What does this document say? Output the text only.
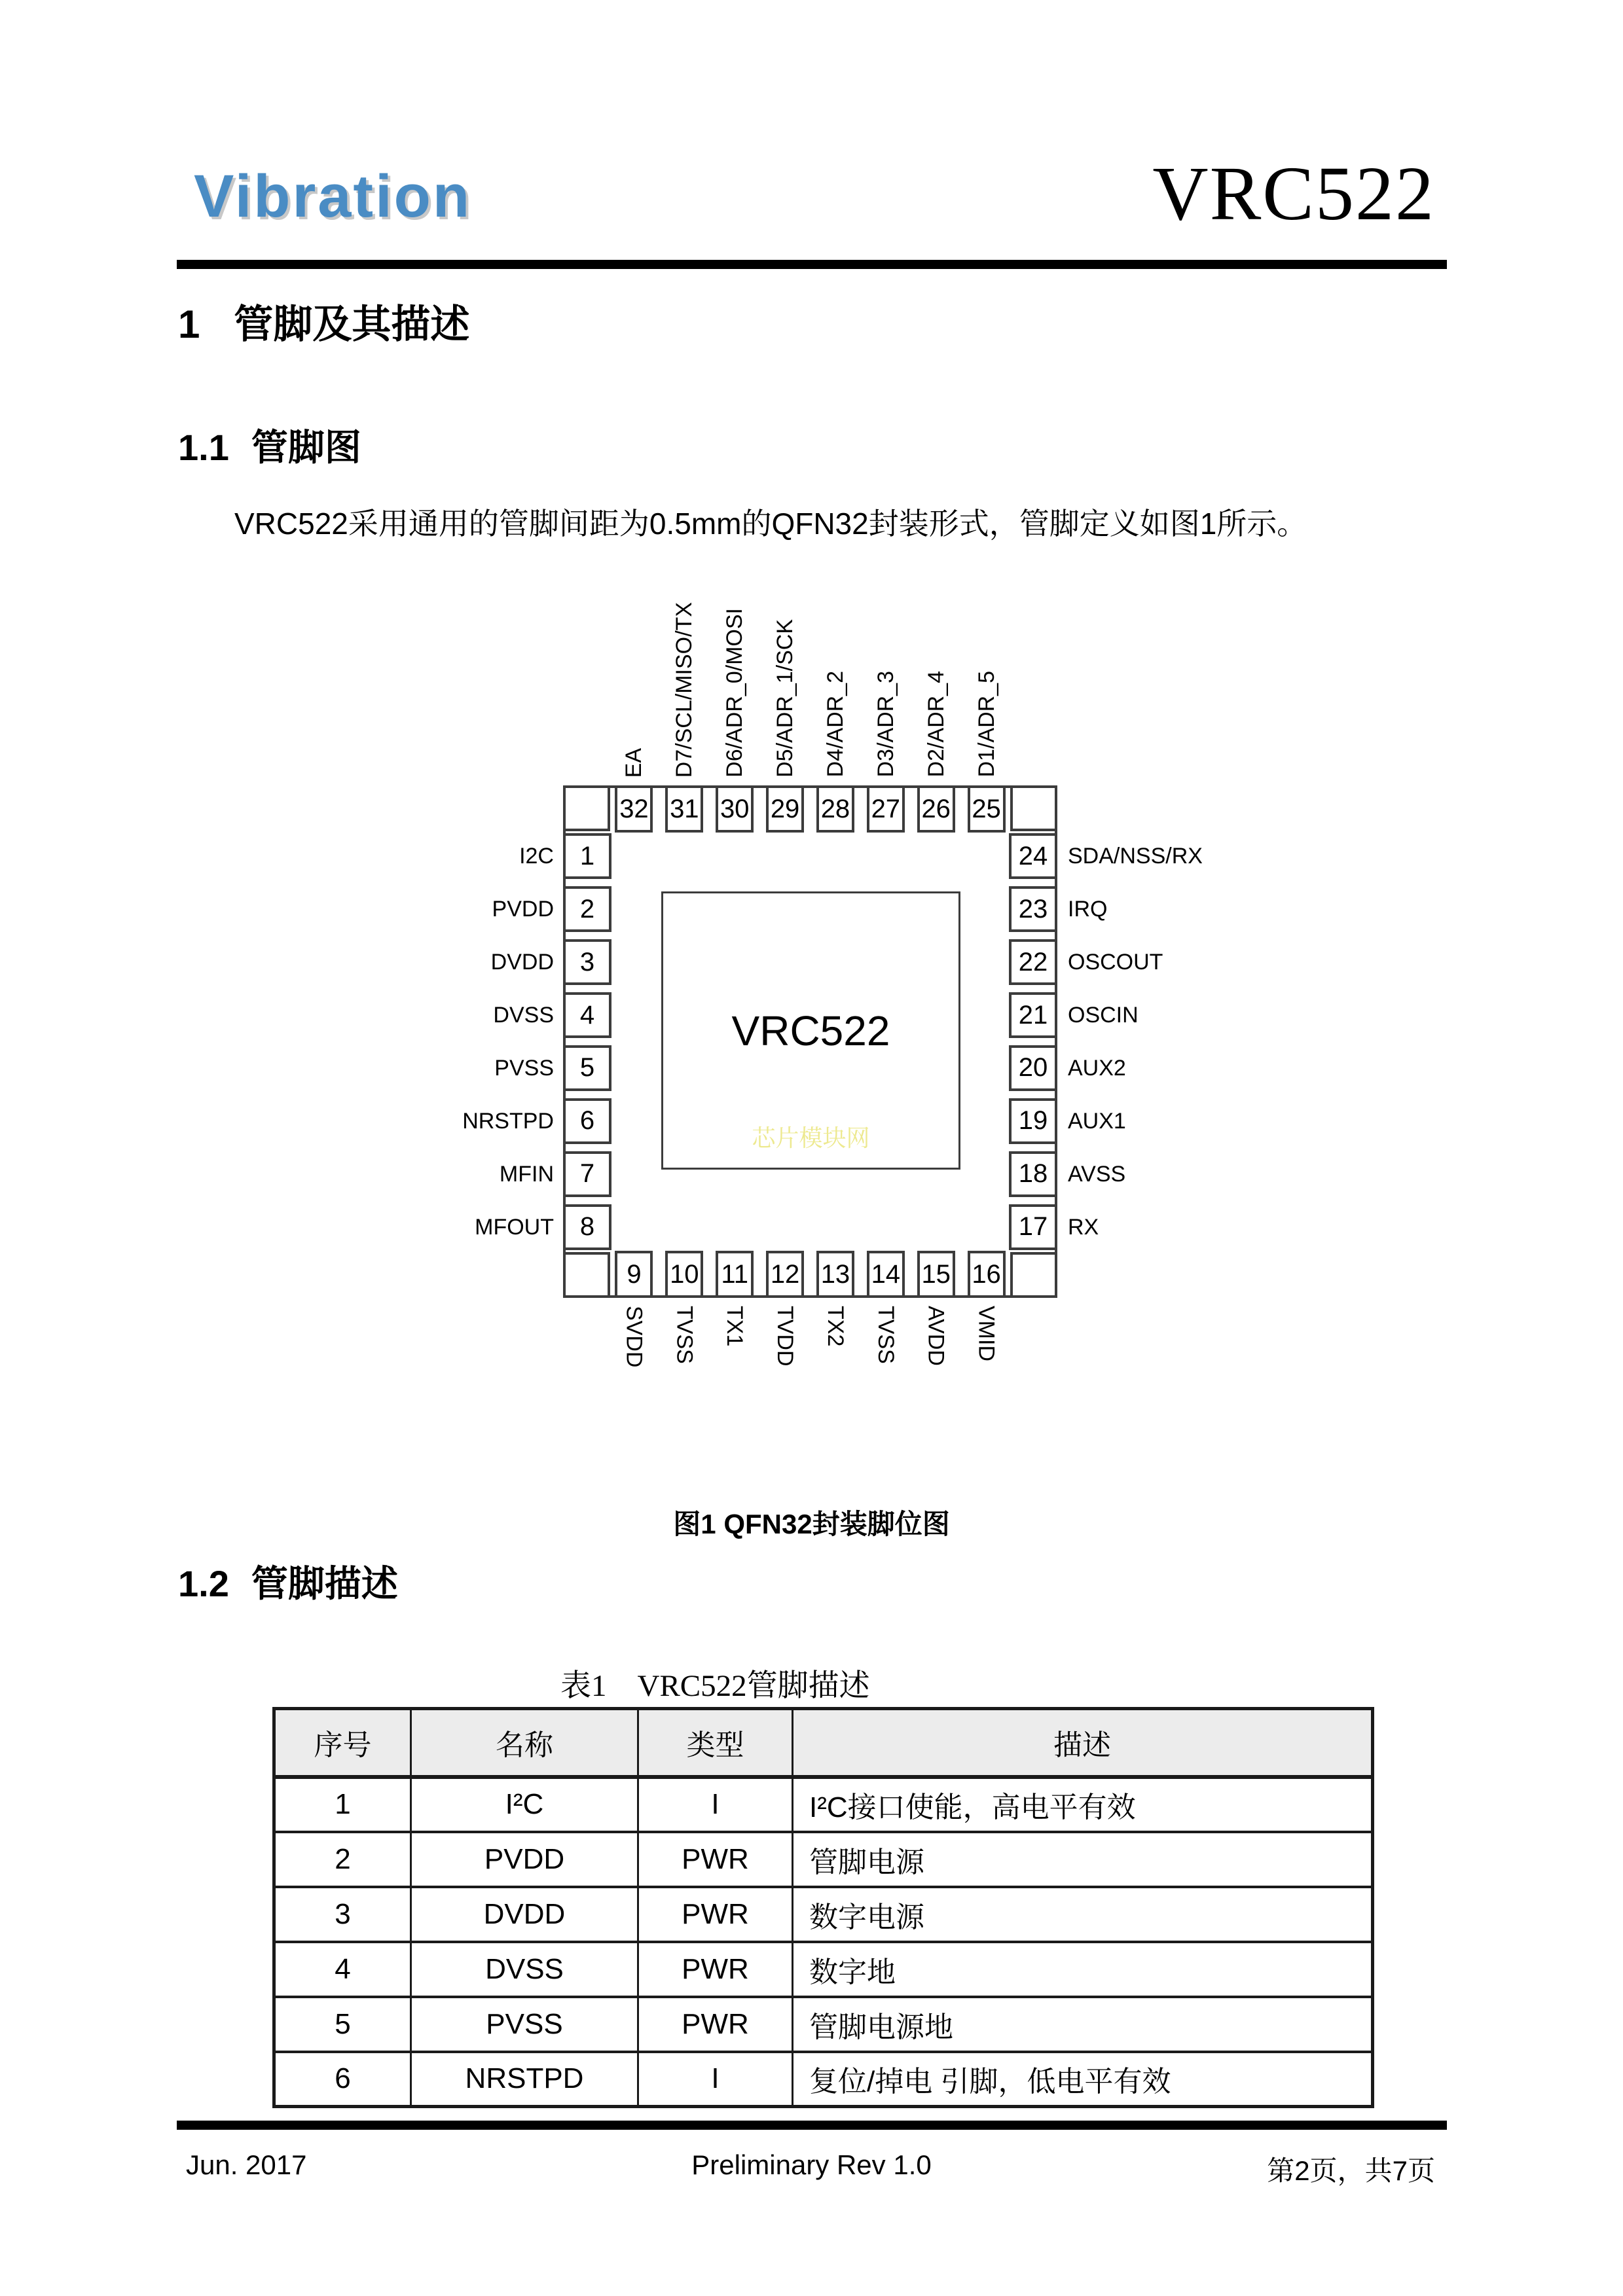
Vibration	VRC522
1 管脚及其描述
1.1 管脚图
VRC522采用通用的管脚间距为0.5mm的QFN32封装形式，管脚定义如图1所示。
32
EA
31
D7/SCL/MISO/TX
30
D6/ADR_0/MOSI
29
D5/ADR_1/SCK
28
D4/ADR_2
27
D3/ADR_3
26
D2/ADR_4
25
D1/ADR_5
9
SVDD
10
TVSS
11
TX1
12
TVDD
13
TX2
14
TVSS
15
AVDD
16
VMID
1
I2C
2
PVDD
3
DVDD
4
DVSS
5
PVSS
6
NRSTPD
7
MFIN
8
MFOUT
24 SDA/NSS/RX
23 IRQ
22 OSCOUT
21 OSCIN
20 AUX2
19 AUX1
18 AVSS
17 RX
VRC522
芯片模块网
图1 QFN32封装脚位图
1.2 管脚描述
表1　VRC522管脚描述
序号	名称	类型	描述
1	I²C	I	I²C接口使能，高电平有效
2	PVDD	PWR	管脚电源
3	DVDD	PWR	数字电源
4	DVSS	PWR	数字地
5	PVSS	PWR	管脚电源地
6	NRSTPD	I	复位/掉电 引脚，低电平有效
Jun. 2017	Preliminary Rev 1.0	第2页，共7页
